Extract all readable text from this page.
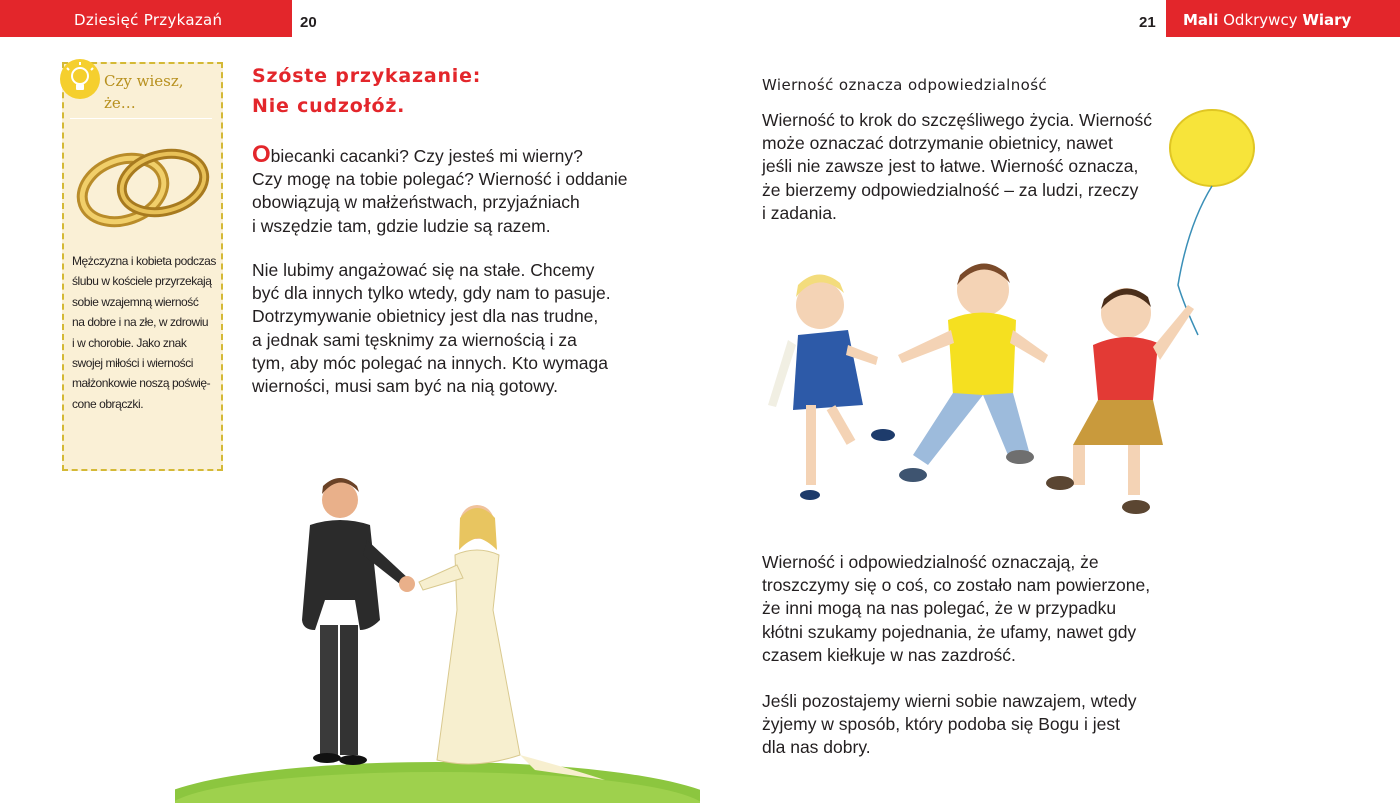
Dziesięć Przykazań	20	21 Mali Odkrywcy Wiary
Czy wiesz,
że…
Mężczyzna i kobieta podczas
ślubu w kościele przyrzekają
sobie wzajemną wierność
na dobre i na złe, w zdrowiu
i w chorobie. Jako znak
swojej miłości i wierności
małżonkowie noszą poświę-
cone obrączki.
Szóste przykazanie:
Nie cudzołóż.
Obiecanki cacanki? Czy jesteś mi wierny?
Czy mogę na tobie polegać? Wierność i oddanie
obowiązują w małżeństwach, przyjaźniach
i wszędzie tam, gdzie ludzie są razem.
Nie lubimy angażować się na stałe. Chcemy
być dla innych tylko wtedy, gdy nam to pasuje.
Dotrzymywanie obietnicy jest dla nas trudne,
a jednak sami tęsknimy za wiernością i za
tym, aby móc polegać na innych. Kto wymaga
wierności, musi sam być na nią gotowy.
Wierność oznacza odpowiedzialność
Wierność to krok do szczęśliwego życia. Wierność
może oznaczać dotrzymanie obietnicy, nawet
jeśli nie zawsze jest to łatwe. Wierność oznacza,
że bierzemy odpowiedzialność – za ludzi, rzeczy
i zadania.
Wierność i odpowiedzialność oznaczają, że
troszczymy się o coś, co zostało nam powierzone,
że inni mogą na nas polegać, że w przypadku
kłótni szukamy pojednania, że ufamy, nawet gdy
czasem kiełkuje w nas zazdrość.
Jeśli pozostajemy wierni sobie nawzajem, wtedy
żyjemy w sposób, który podoba się Bogu i jest
dla nas dobry.
